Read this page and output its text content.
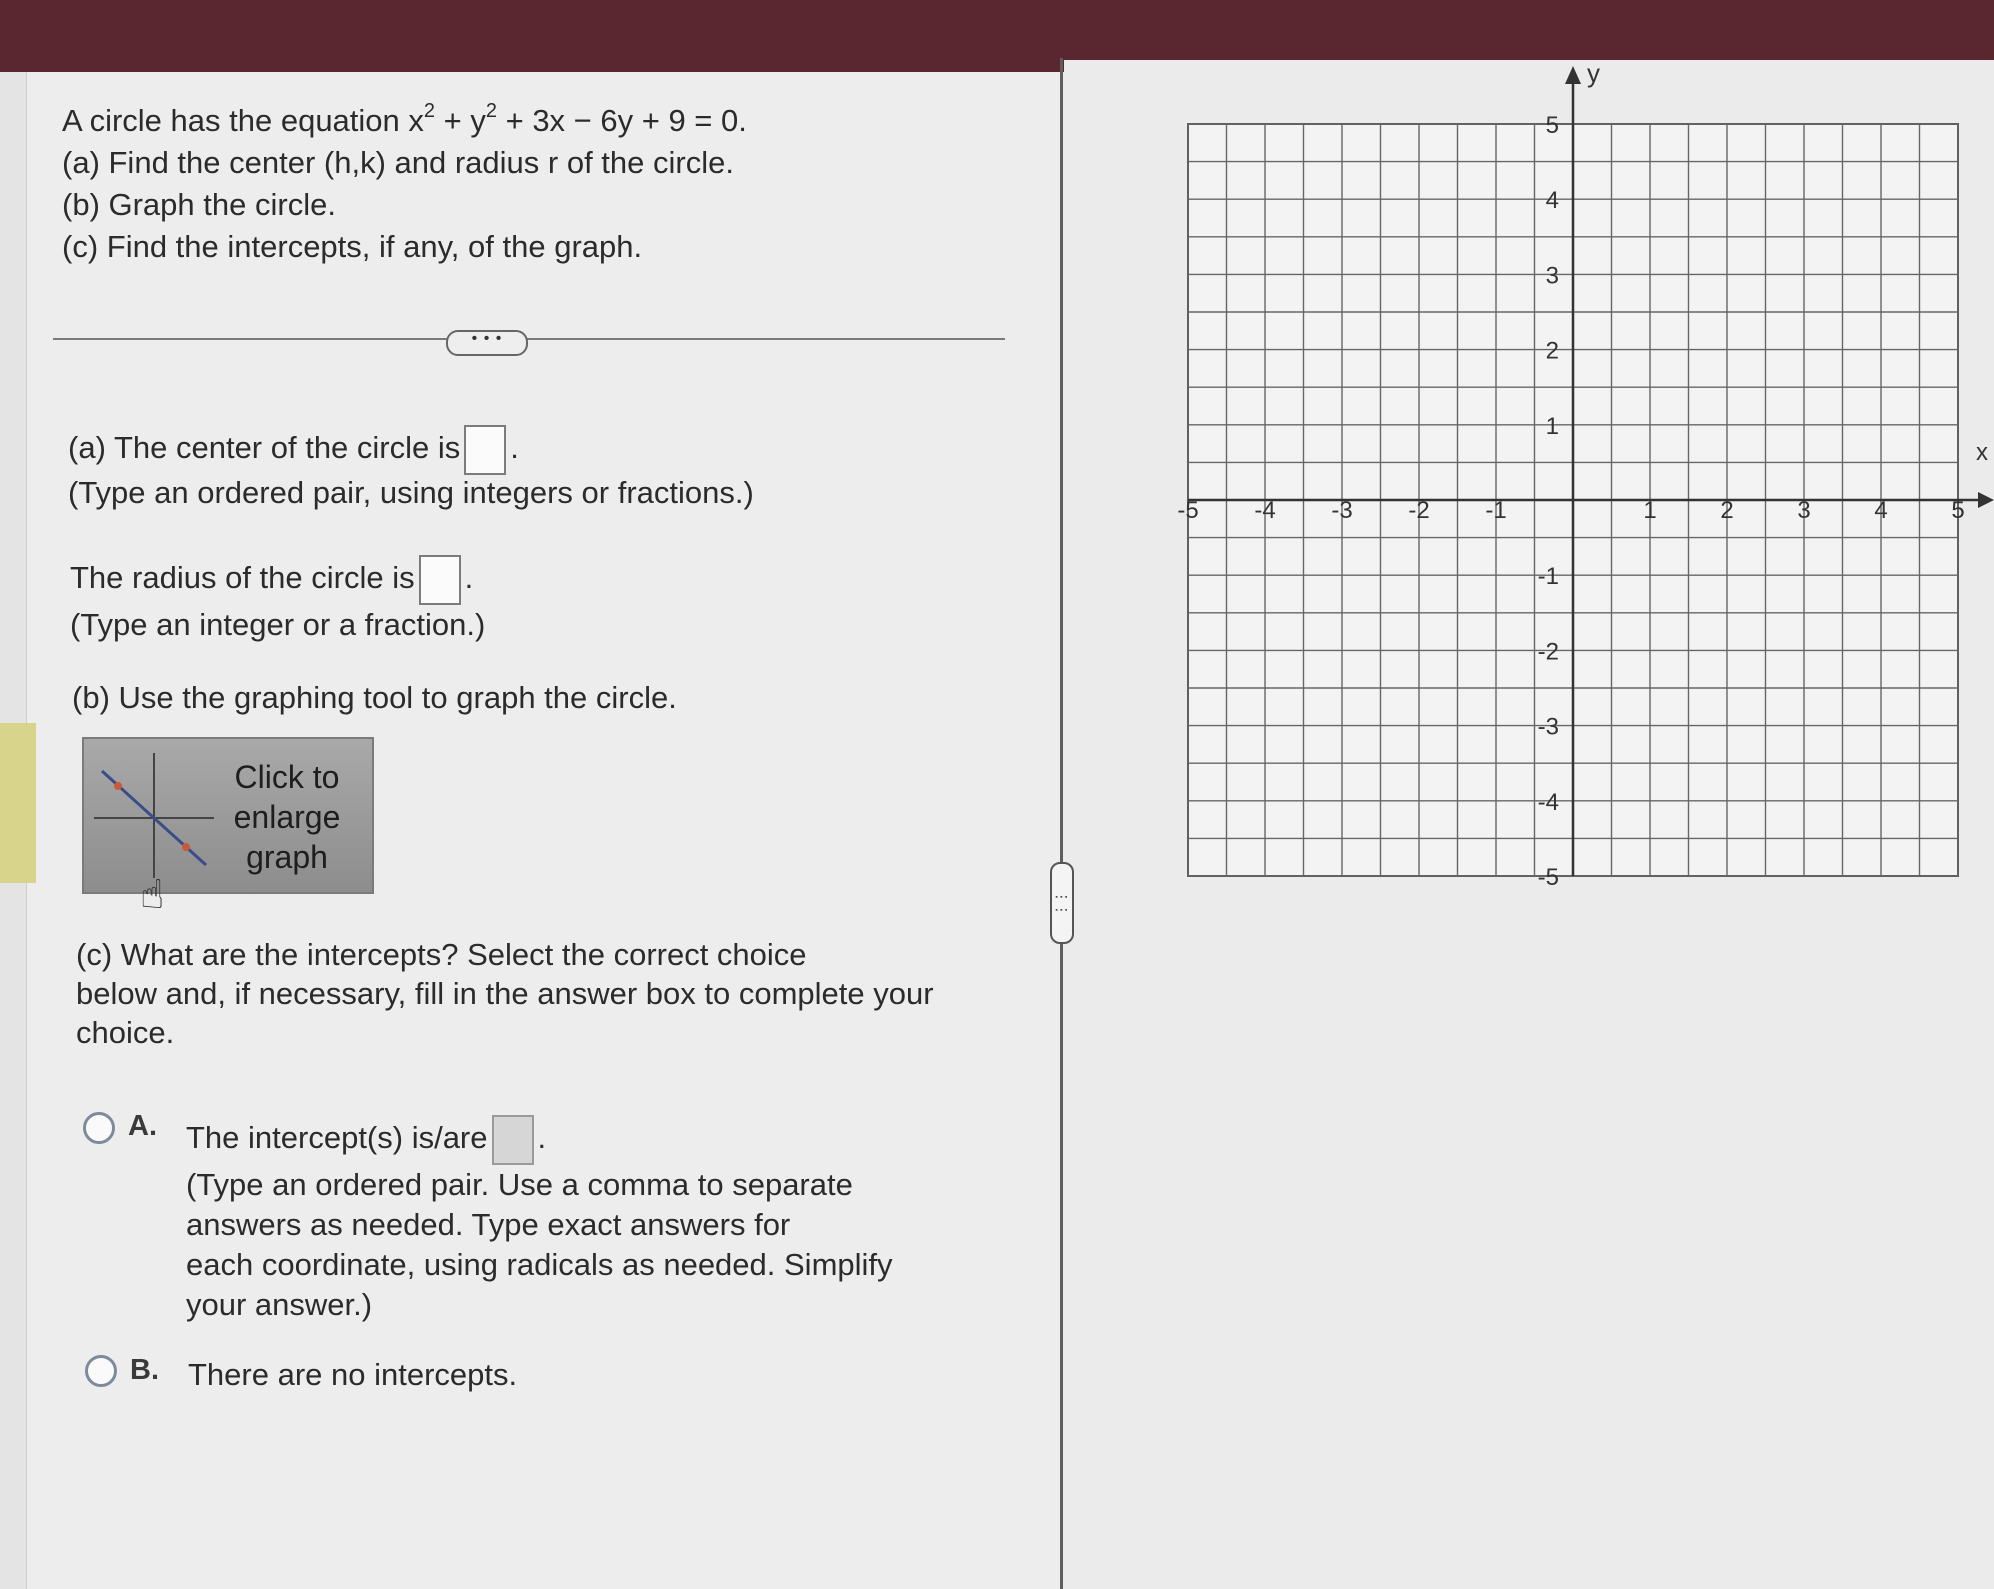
⋮⋮
A circle has the equation $x^2 + y^2 + 3x - 6y + 9 = 0$.
(a) Find the center (h,k) and radius r of the circle.
(b) Graph the circle.
(c) Find the intercepts, if any, of the graph.
• • •
(a) The center of the circle is .
(Type an ordered pair, using integers or fractions.)
The radius of the circle is .
(Type an integer or a fraction.)
(b) Use the graphing tool to graph the circle.
Click to
enlarge
graph
☝
(c) What are the intercepts? Select the correct choice
below and, if necessary, fill in the answer box to complete your
choice.
A. The intercept(s) is/are .
(Type an ordered pair. Use a comma to separate
answers as needed. Type exact answers for
each coordinate, using radicals as needed. Simplify
your answer.)
B. There are no intercepts.
y
x
-5 -4 -3 -2 -1	1	2	3	4	5
5
4
3
2
1
-1
-2
-3
-4
-5
